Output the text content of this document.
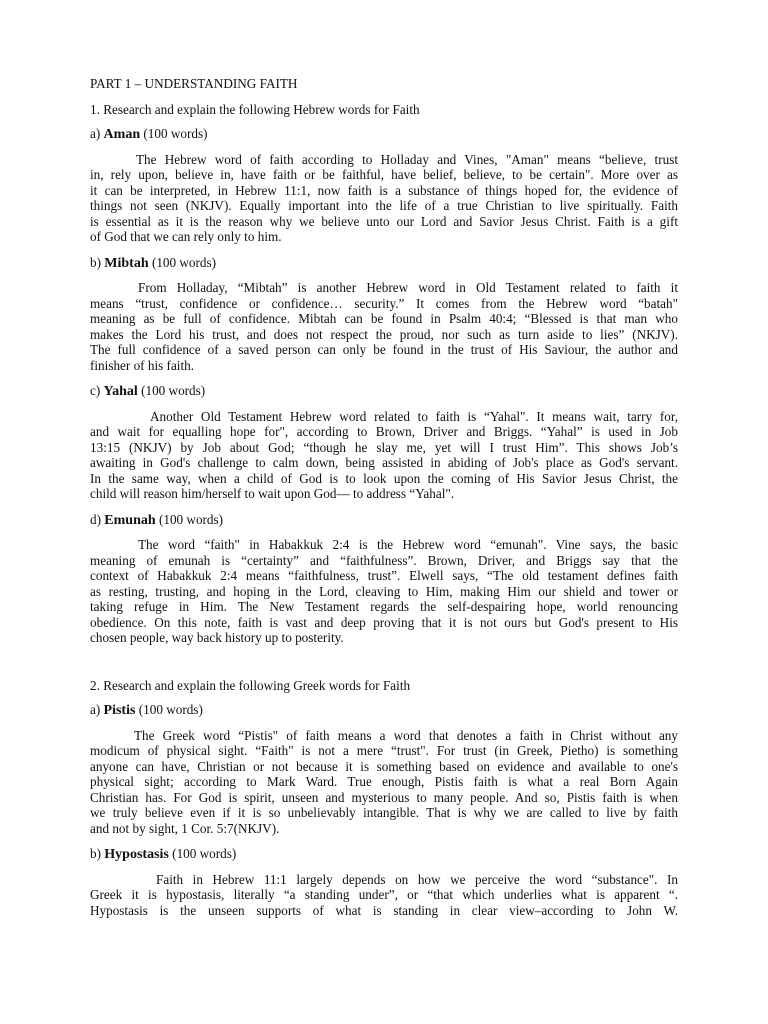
PART 1 – UNDERSTANDING FAITH
1. Research and explain the following Hebrew words for Faith
a) Aman (100 words)
The Hebrew word of faith according to Holladay and Vines, "Aman" means “believe, trust
in, rely upon, believe in, have faith or be faithful, have belief, believe, to be certain". More over as
it can be interpreted, in Hebrew 11:1, now faith is a substance of things hoped for, the evidence of
things not seen (NKJV). Equally important into the life of a true Christian to live spiritually. Faith
is essential as it is the reason why we believe unto our Lord and Savior Jesus Christ. Faith is a gift
of God that we can rely only to him.
b) Mibtah (100 words)
From Holladay, “Mibtah” is another Hebrew word in Old Testament related to faith it
means “trust, confidence or confidence… security.” It comes from the Hebrew word “batah"
meaning as be full of confidence. Mibtah can be found in Psalm 40:4; “Blessed is that man who
makes the Lord his trust, and does not respect the proud, nor such as turn aside to lies” (NKJV).
The full confidence of a saved person can only be found in the trust of His Saviour, the author and
finisher of his faith.
c) Yahal (100 words)
Another Old Testament Hebrew word related to faith is “Yahal". It means wait, tarry for,
and wait for equalling hope for", according to Brown, Driver and Briggs. “Yahal” is used in Job
13:15 (NKJV) by Job about God; “though he slay me, yet will I trust Him”. This shows Job’s
awaiting in God's challenge to calm down, being assisted in abiding of Job's place as God's servant.
In the same way, when a child of God is to look upon the coming of His Savior Jesus Christ, the
child will reason him/herself to wait upon God— to address “Yahal".
d) Emunah (100 words)
The word “faith" in Habakkuk 2:4 is the Hebrew word “emunah". Vine says, the basic
meaning of emunah is “certainty” and “faithfulness”. Brown, Driver, and Briggs say that the
context of Habakkuk 2:4 means “faithfulness, trust”. Elwell says, “The old testament defines faith
as resting, trusting, and hoping in the Lord, cleaving to Him, making Him our shield and tower or
taking refuge in Him. The New Testament regards the self-despairing hope, world renouncing
obedience. On this note, faith is vast and deep proving that it is not ours but God's present to His
chosen people, way back history up to posterity.
2. Research and explain the following Greek words for Faith
a) Pistis (100 words)
The Greek word “Pistis" of faith means a word that denotes a faith in Christ without any
modicum of physical sight. “Faith" is not a mere “trust". For trust (in Greek, Pietho) is something
anyone can have, Christian or not because it is something based on evidence and available to one's
physical sight; according to Mark Ward. True enough, Pistis faith is what a real Born Again
Christian has. For God is spirit, unseen and mysterious to many people. And so, Pistis faith is when
we truly believe even if it is so unbelievably intangible. That is why we are called to live by faith
and not by sight, 1 Cor. 5:7(NKJV).
b) Hypostasis (100 words)
Faith in Hebrew 11:1 largely depends on how we perceive the word “substance". In
Greek it is hypostasis, literally “a standing under”, or “that which underlies what is apparent “.
Hypostasis is the unseen supports of what is standing in clear view–according to John W.
